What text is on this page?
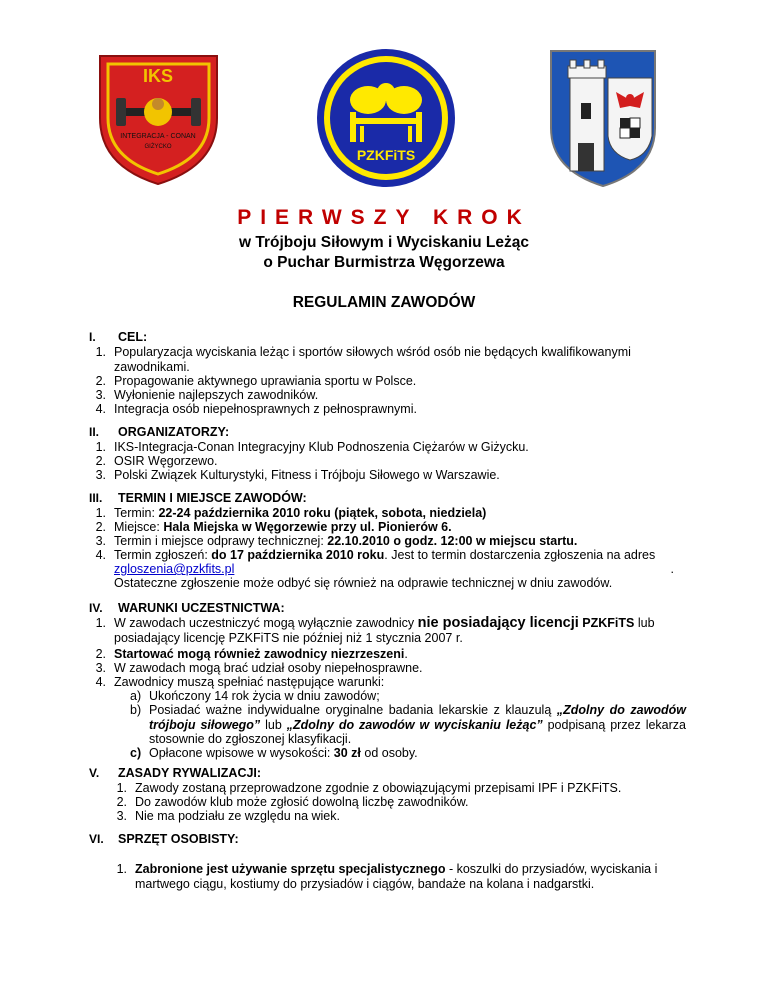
IKS
INTEGRACJA - CONAN
GIŻYCKO	PZKFiTS
PIERWSZY KROK
w Trójboju Siłowym i Wyciskaniu Leżąc
o Puchar Burmistrza Węgorzewa
REGULAMIN ZAWODÓW
I. CEL:
1. Popularyzacja wyciskania leżąc i sportów siłowych wśród osób nie będących kwalifikowanymi zawodnikami.
2. Propagowanie aktywnego uprawiania sportu w Polsce.
3. Wyłonienie najlepszych zawodników.
4. Integracja osób niepełnosprawnych z pełnosprawnymi.
II. ORGANIZATORZY:
1. IKS-Integracja-Conan Integracyjny Klub Podnoszenia Ciężarów w Giżycku.
2. OSIR Węgorzewo.
3. Polski Związek Kulturystyki, Fitness i Trójboju Siłowego w Warszawie.
III. TERMIN I MIEJSCE ZAWODÓW:
1. Termin: 22-24 października 2010 roku (piątek, sobota, niedziela)
2. Miejsce: Hala Miejska w Węgorzewie przy ul. Pionierów 6.
3. Termin i miejsce odprawy technicznej: 22.10.2010 o godz. 12:00 w miejscu startu.
4. Termin zgłoszeń: do 17 października 2010 roku. Jest to termin dostarczenia zgłoszenia na adres
zgloszenia@pzkfits.pl	.
Ostateczne zgłoszenie może odbyć się również na odprawie technicznej w dniu zawodów.
IV. WARUNKI UCZESTNICTWA:
1. W zawodach uczestniczyć mogą wyłącznie zawodnicy nie posiadający licencji PZKFiTS lub posiadający licencję PZKFiTS nie później niż 1 stycznia 2007 r.
2. Startować mogą również zawodnicy niezrzeszeni.
3. W zawodach mogą brać udział osoby niepełnosprawne.
4. Zawodnicy muszą spełniać następujące warunki:
a) Ukończony 14 rok życia w dniu zawodów;
b) Posiadać ważne indywidualne oryginalne badania lekarskie z klauzulą „Zdolny do zawodów trójboju siłowego” lub „Zdolny do zawodów w wyciskaniu leżąc” podpisaną przez lekarza stosownie do zgłoszonej klasyfikacji.
c) Opłacone wpisowe w wysokości: 30 zł od osoby.
V. ZASADY RYWALIZACJI:
1. Zawody zostaną przeprowadzone zgodnie z obowiązującymi przepisami IPF i PZKFiTS.
2. Do zawodów klub może zgłosić dowolną liczbę zawodników.
3. Nie ma podziału ze względu na wiek.
VI. SPRZĘT OSOBISTY:
1. Zabronione jest używanie sprzętu specjalistycznego - koszulki do przysiadów, wyciskania i martwego ciągu, kostiumy do przysiadów i ciągów, bandaże na kolana i nadgarstki.
